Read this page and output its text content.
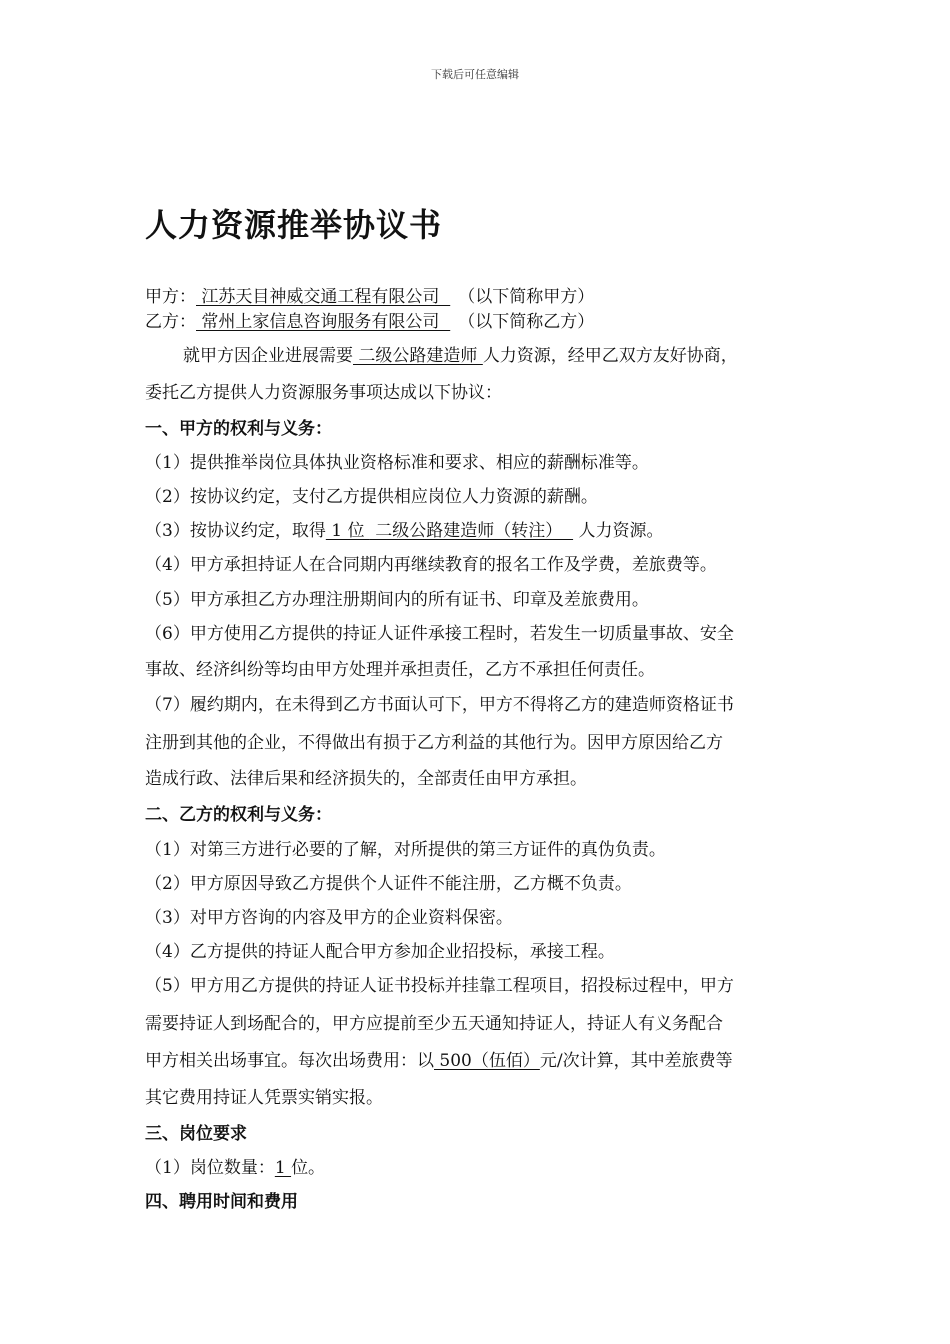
下载后可任意编辑
人力资源推举协议书
甲方： 江苏天目神威交通工程有限公司  （以下简称甲方）
乙方： 常州上家信息咨询服务有限公司  （以下简称乙方）
就甲方因企业进展需要 二级公路建造师 人力资源，经甲乙双方友好协商，
委托乙方提供人力资源服务事项达成以下协议：
一、甲方的权利与义务：
（1）提供推举岗位具体执业资格标准和要求、相应的薪酬标准等。
（2）按协议约定，支付乙方提供相应岗位人力资源的薪酬。
（3）按协议约定，取得 1 位  二级公路建造师（转注）   人力资源。
（4）甲方承担持证人在合同期内再继续教育的报名工作及学费，差旅费等。
（5）甲方承担乙方办理注册期间内的所有证书、印章及差旅费用。
（6）甲方使用乙方提供的持证人证件承接工程时，若发生一切质量事故、安全
事故、经济纠纷等均由甲方处理并承担责任，乙方不承担任何责任。
（7）履约期内，在未得到乙方书面认可下，甲方不得将乙方的建造师资格证书
注册到其他的企业，不得做出有损于乙方利益的其他行为。因甲方原因给乙方
造成行政、法律后果和经济损失的，全部责任由甲方承担。
二、乙方的权利与义务：
（1）对第三方进行必要的了解，对所提供的第三方证件的真伪负责。
（2）甲方原因导致乙方提供个人证件不能注册，乙方概不负责。
（3）对甲方咨询的内容及甲方的企业资料保密。
（4）乙方提供的持证人配合甲方参加企业招投标，承接工程。
（5）甲方用乙方提供的持证人证书投标并挂靠工程项目，招投标过程中，甲方
需要持证人到场配合的，甲方应提前至少五天通知持证人，持证人有义务配合
甲方相关出场事宜。每次出场费用：以 500（伍佰）元/次计算，其中差旅费等
其它费用持证人凭票实销实报。
三、岗位要求
（1）岗位数量：1 位。
四、聘用时间和费用
